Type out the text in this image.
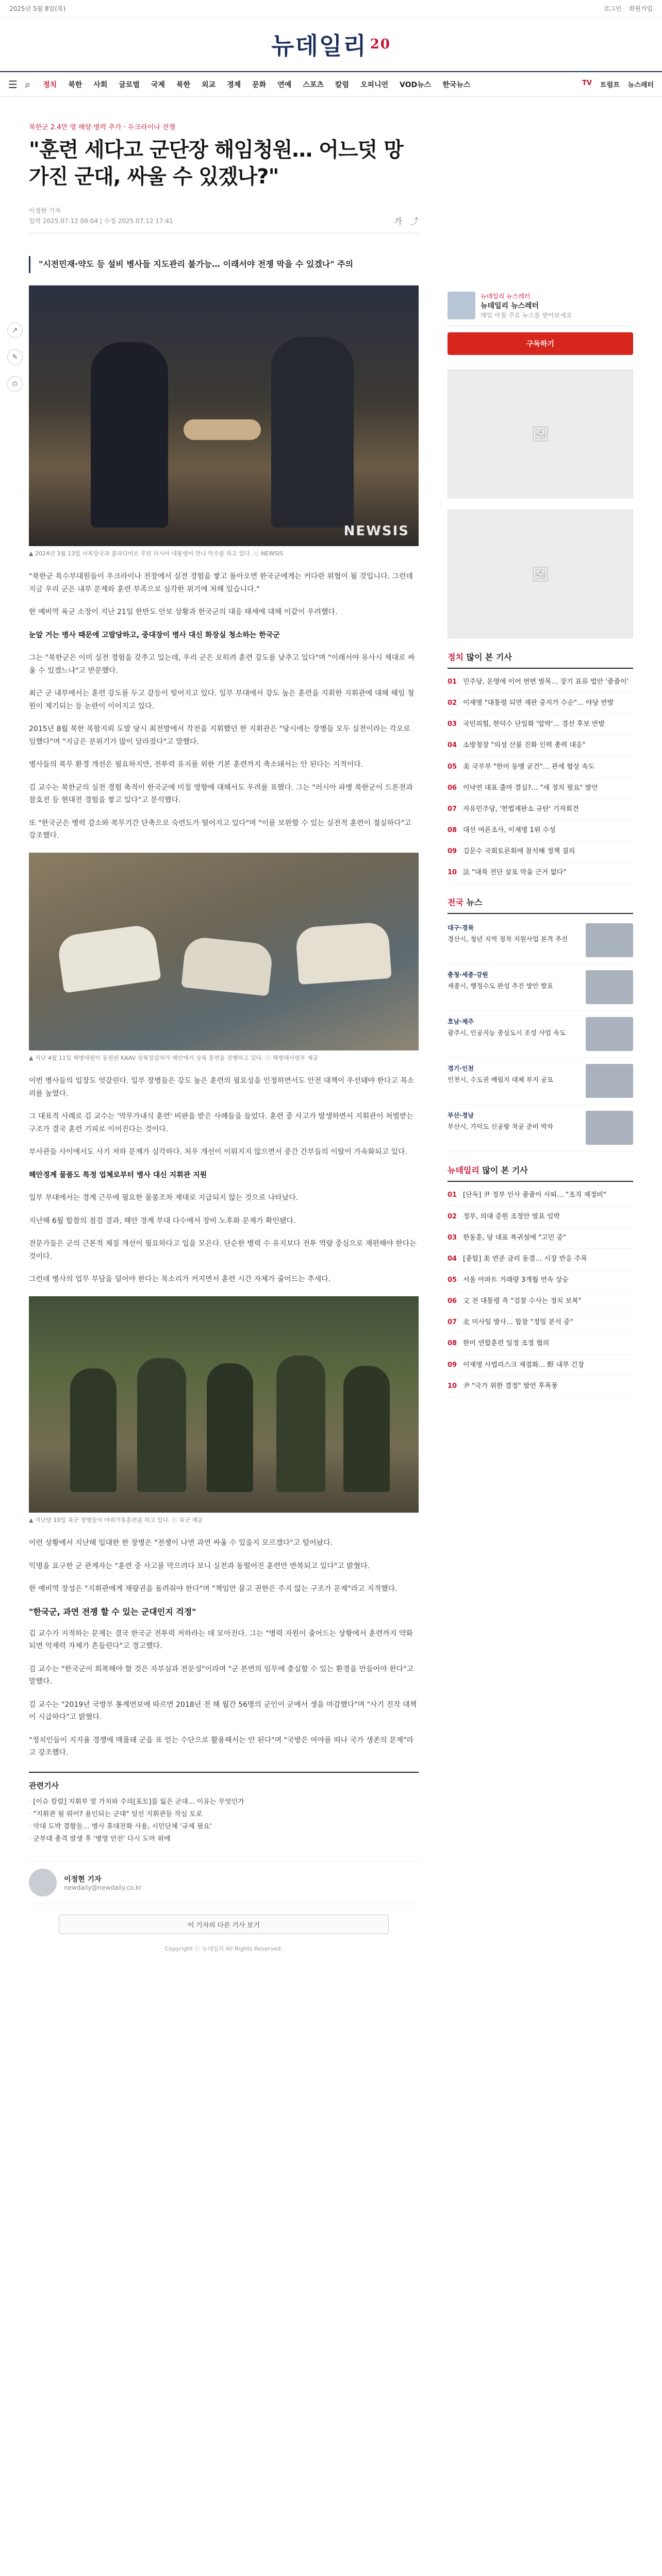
2025년 5월 8일(목)	로그인 회원가입
뉴데일리 20
☰ ⌕ 정치 북한 사회 글로벌 국제 북한 외교 경제 문화 연예 스포츠 칼럼 오피니언 VOD뉴스 한국뉴스	TV 트럼프 뉴스레터
↗
✎
⎙
북한군 2.4만 명 해양 병력 추가 · 우크라이나 전쟁
"훈련 세다고 군단장 해임청원… 어느덧 망가진 군대, 싸울 수 있겠나?"
이정현 기자
입력 2025.07.12 09:04 | 수정 2025.07.12 17:41	가 ⤴
"시전민재·약도 등 설비 병사들 지도관리 불가능… 이래서야 전쟁 막을 수 있겠나" 주의
NEWSIS
▲ 2024년 3월 13일 사목당국과 블라디미르 푸틴 러시아 대통령이 만나 악수를 하고 있다. ⓒ NEWSIS

"북한군 특수부대원들이 우크라이나 전장에서 실전 경험을 쌓고 돌아오면 한국군에게는 커다란 위협이 될 것입니다. 그런데 지금 우리 군은 내부 문제와 훈련 부족으로 심각한 위기에 처해 있습니다."

한 예비역 육군 소장이 지난 21일 한반도 안보 상황과 한국군의 대응 태세에 대해 이같이 우려했다.

눈앞 거는 병사 때문에 고발당하고, 중대장이 병사 대신 화장실 청소하는 한국군

그는 "북한군은 이미 실전 경험을 갖추고 있는데, 우리 군은 오히려 훈련 강도를 낮추고 있다"며 "이래서야 유사시 제대로 싸울 수 있겠느냐"고 반문했다.

최근 군 내부에서는 훈련 강도를 두고 갈등이 빚어지고 있다. 일부 부대에서 강도 높은 훈련을 지휘한 지휘관에 대해 해임 청원이 제기되는 등 논란이 이어지고 있다.

2015년 8월 북한 목함지뢰 도발 당시 최전방에서 작전을 지휘했던 한 지휘관은 "당시에는 장병들 모두 실전이라는 각오로 임했다"며 "지금은 분위기가 많이 달라졌다"고 말했다.

병사들의 복무 환경 개선은 필요하지만, 전투력 유지를 위한 기본 훈련까지 축소돼서는 안 된다는 지적이다.

김 교수는 북한군의 실전 경험 축적이 한국군에 미칠 영향에 대해서도 우려를 표했다. 그는 "러시아 파병 북한군이 드론전과 참호전 등 현대전 경험을 쌓고 있다"고 분석했다.

또 "한국군은 병력 감소와 복무기간 단축으로 숙련도가 떨어지고 있다"며 "이를 보완할 수 있는 실전적 훈련이 절실하다"고 강조했다.

▲ 지난 4월 11일 해병대원이 동원된 KAAV 상륙장갑차가 해안에서 상륙 훈련을 진행하고 있다. ⓒ 해병대사령부 제공

이번 병사들의 입장도 엇갈린다. 일부 장병들은 강도 높은 훈련의 필요성을 인정하면서도 안전 대책이 우선돼야 한다고 목소리를 높였다.

그 대표적 사례로 김 교수는 '막무가내식 훈련' 비판을 받은 사례들을 들었다. 훈련 중 사고가 발생하면서 지휘관이 처벌받는 구조가 결국 훈련 기피로 이어진다는 것이다.

부사관들 사이에서도 사기 저하 문제가 심각하다. 처우 개선이 이뤄지지 않으면서 중간 간부들의 이탈이 가속화되고 있다.

해안경계 물품도 특정 업체로부터 병사 대신 지휘관 지원

일부 부대에서는 경계 근무에 필요한 물품조차 제대로 지급되지 않는 것으로 나타났다.

지난해 6월 합참의 점검 결과, 해안 경계 부대 다수에서 장비 노후화 문제가 확인됐다.

전문가들은 군의 근본적 체질 개선이 필요하다고 입을 모은다. 단순한 병력 수 유지보다 전투 역량 중심으로 재편해야 한다는 것이다.

그런데 병사의 업무 부담을 덜어야 한다는 목소리가 커지면서 훈련 시간 자체가 줄어드는 추세다.

▲ 지난달 10일 육군 장병들이 야외기동훈련을 하고 있다. ⓒ 육군 제공

이런 상황에서 지난해 입대한 한 장병은 "전쟁이 나면 과연 싸울 수 있을지 모르겠다"고 털어놨다.

익명을 요구한 군 관계자는 "훈련 중 사고를 막으려다 보니 실전과 동떨어진 훈련만 반복되고 있다"고 밝혔다.

한 예비역 장성은 "지휘관에게 재량권을 돌려줘야 한다"며 "책임만 묻고 권한은 주지 않는 구조가 문제"라고 지적했다.

"한국군, 과연 전쟁 할 수 있는 군대인지 걱정"

김 교수가 지적하는 문제는 결국 한국군 전투력 저하라는 데 모아진다. 그는 "병력 자원이 줄어드는 상황에서 훈련까지 약화되면 억제력 자체가 흔들린다"고 경고했다.

김 교수는 "한국군이 회복해야 할 것은 자부심과 전문성"이라며 "군 본연의 임무에 충실할 수 있는 환경을 만들어야 한다"고 말했다.

김 교수는 "2019년 국방부 통계연보에 따르면 2018년 전 해 월간 56명의 군인이 군에서 생을 마감했다"며 "사기 진작 대책이 시급하다"고 밝혔다.

"정치인들이 지지율 경쟁에 매몰돼 군을 표 얻는 수단으로 활용해서는 안 된다"며 "국방은 여야를 떠나 국가 생존의 문제"라고 강조했다.

관련기사
· [이슈 칼럼] 지휘부 말 가치와 주의[포토]를 잃은 군대… 이유는 무엇인가
· "지휘관 될 뭐어? 용인되는 군대" 일선 지휘관들 작심 토로
· 악대 도박 결함들… 병사 휴대전화 사용, 시민단체 '규제 필요'
· 군부대 총격 발생 후 '병영 안전' 다시 도마 위에
이정현 기자
newdaily@newdaily.co.kr
이 기자의 다른 기사 보기
Copyright ⓒ 뉴데일리 All Rights Reserved.
뉴데일리 뉴스레터
뉴데일리 뉴스레터
매일 아침 주요 뉴스를 받아보세요
구독하기
🖼
🖼
정치 많이 본 기사
01 민주당, 운영에 이어 번번 발목… 장기 표류 법안 '줄줄이'
02 이재명 "대통령 되면 재판 중지가 수순"… 야당 반발
03 국민의힘, 한덕수 단일화 '압박'… 경선 후보 반발
04 소방청장 "의성 산불 진화 인력 총력 대응"
05 美 국무부 "한미 동맹 굳건"… 관세 협상 속도
06 이낙연 대표 출마 결심?… "새 정치 필요" 발언
07 자유민주당, '헌법재판소 규탄' 기자회견
08 대선 여론조사, 이재명 1위 수성
09 김문수 국회토론회에 참석해 정책 질의
10 法 "대북 전단 살포 막을 근거 없다"
전국 뉴스
대구·경북
경산시, 청년 지역 정착 지원사업 본격 추진
충청·세종·강원
세종시, 행정수도 완성 추진 방안 발표
호남·제주
광주시, 인공지능 중심도시 조성 사업 속도
경기·인천
인천시, 수도권 매립지 대체 부지 공모
부산·경남
부산시, 가덕도 신공항 착공 준비 박차
뉴데일리 많이 본 기사
01 [단독] 尹 정부 인사 줄줄이 사퇴… "조직 재정비"
02 정부, 의대 증원 조정안 발표 임박
03 한동훈, 당 대표 복귀설에 "고민 중"
04 [종합] 美 연준 금리 동결… 시장 반응 주목
05 서울 아파트 거래량 3개월 연속 상승
06 文 전 대통령 측 "검찰 수사는 정치 보복"
07 北 미사일 발사… 합참 "정밀 분석 중"
08 한미 연합훈련 일정 조정 협의
09 이재명 사법리스크 재점화… 野 내부 긴장
10 尹 "국가 위한 결정" 발언 후폭풍
